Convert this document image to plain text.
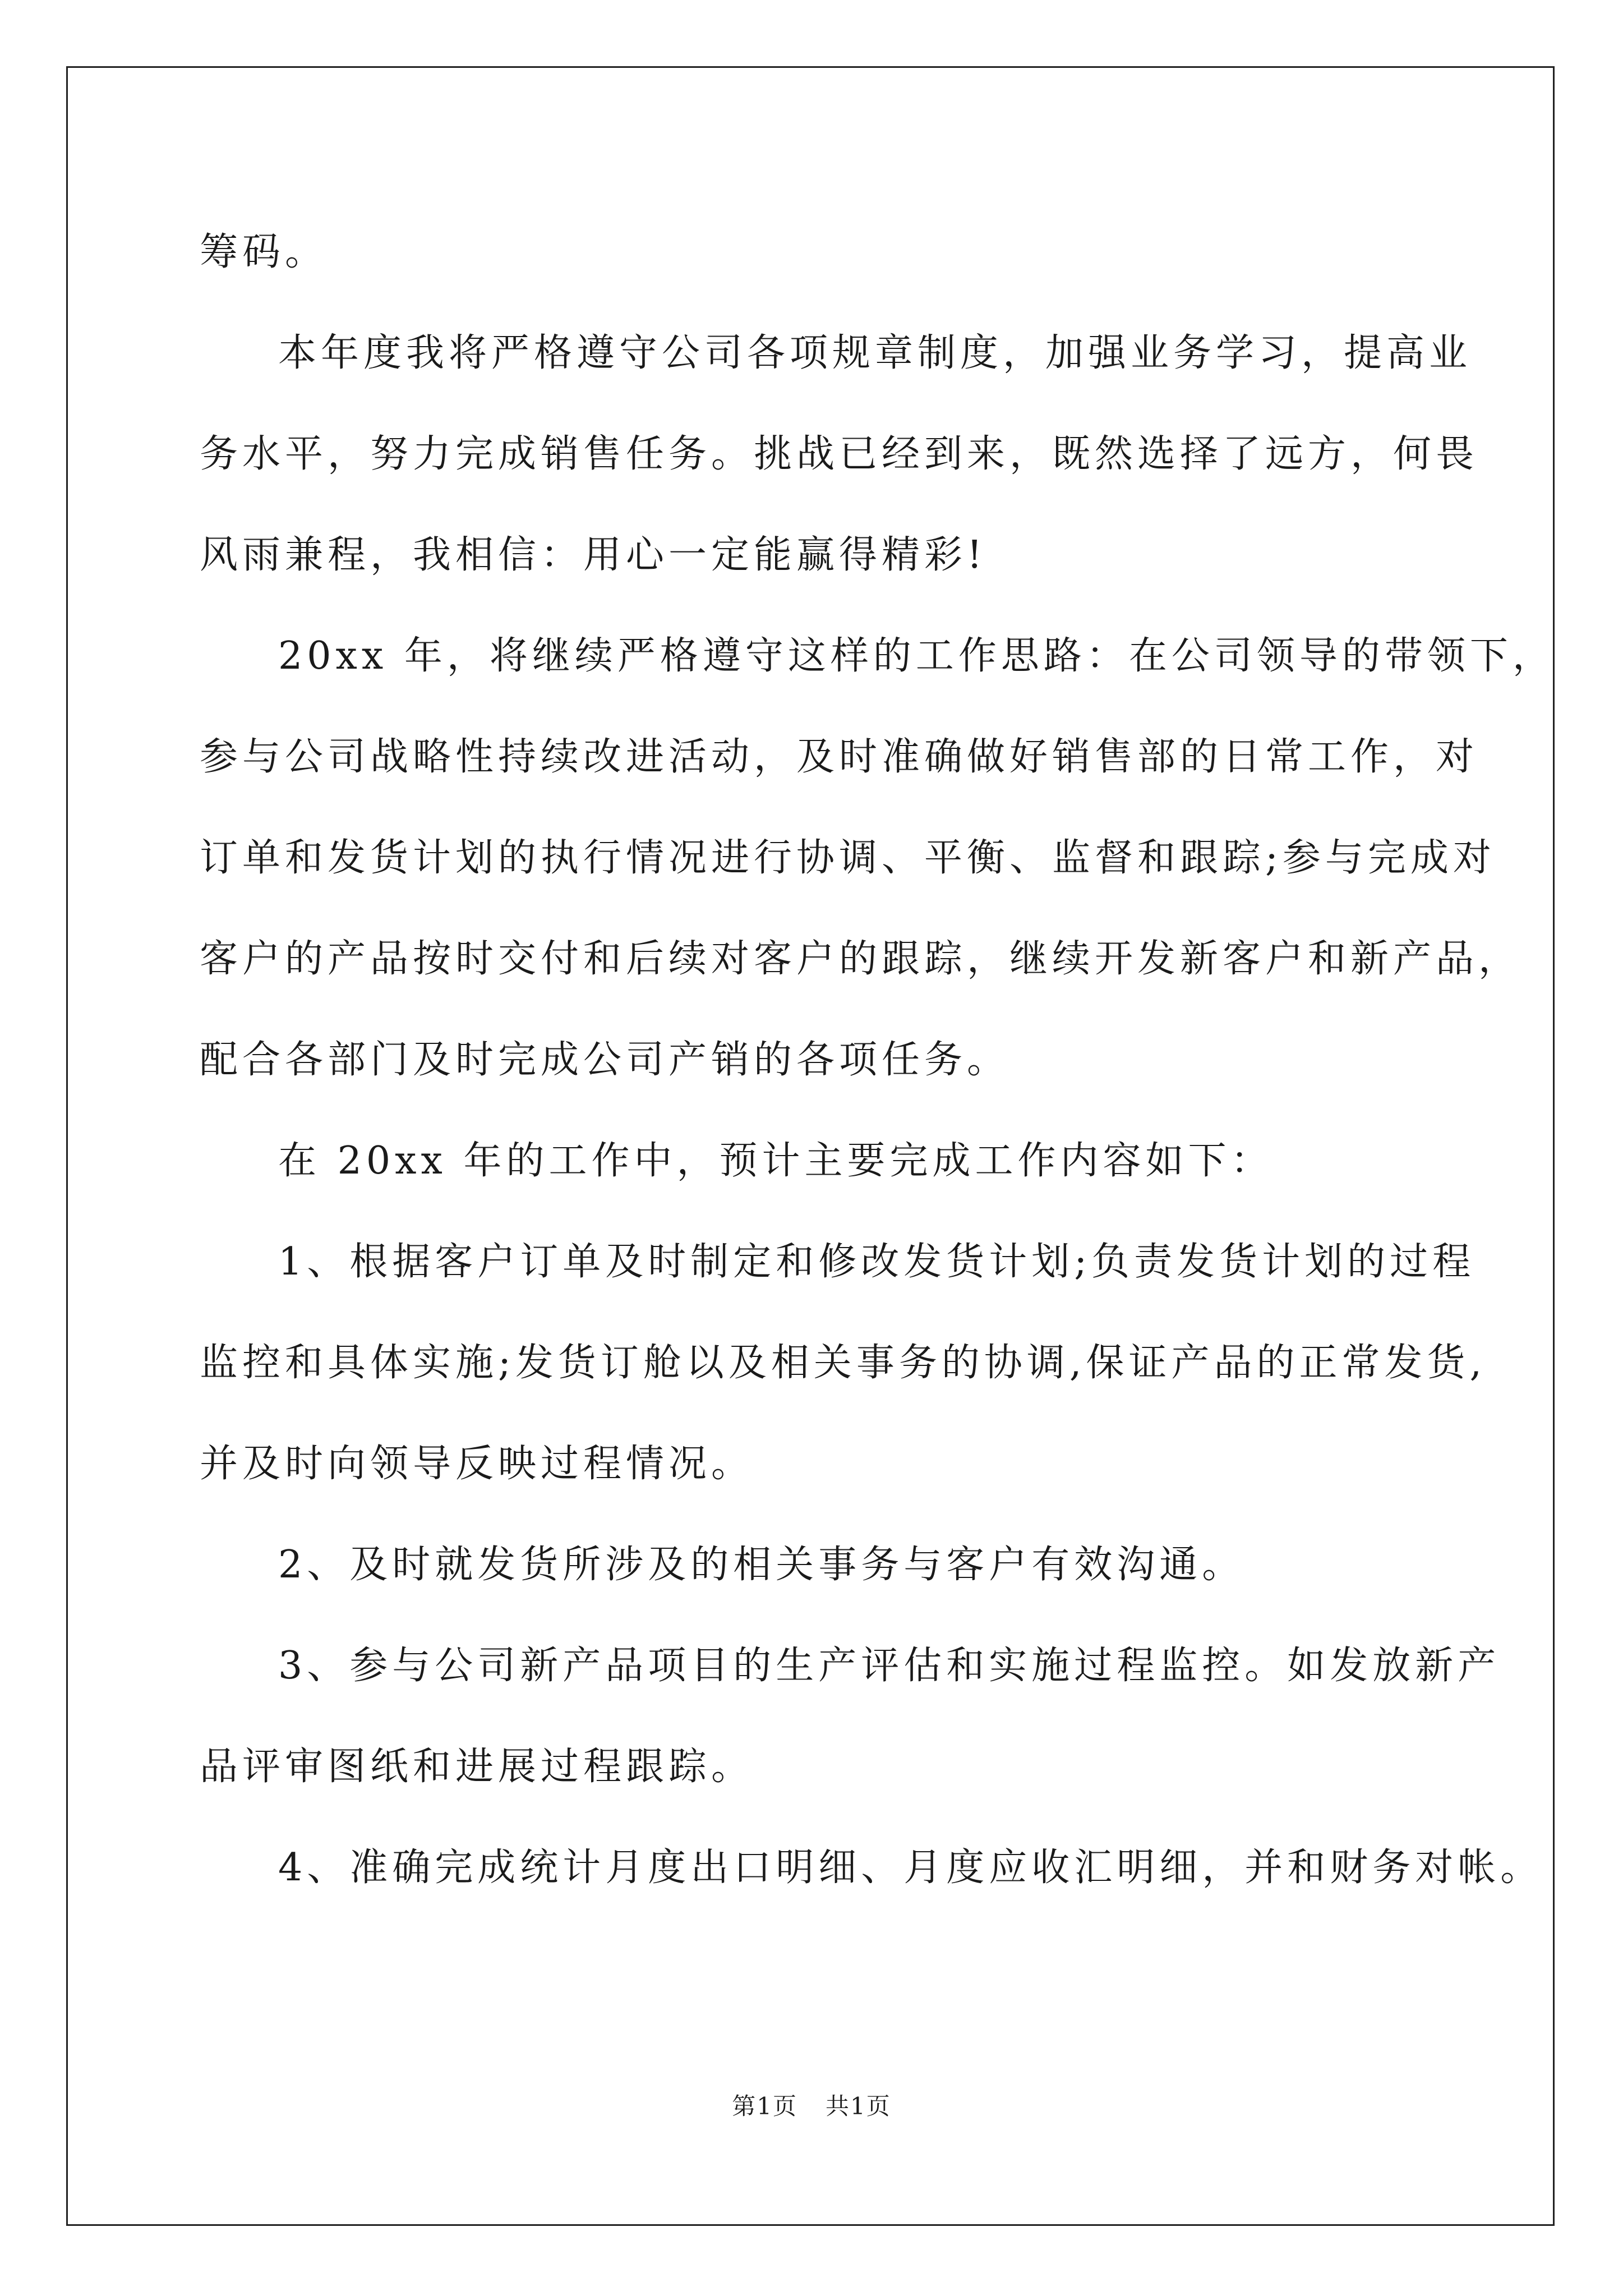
筹码。
本年度我将严格遵守公司各项规章制度，加强业务学习，提高业
务水平，努力完成销售任务。挑战已经到来，既然选择了远方，何畏
风雨兼程，我相信：用心一定能赢得精彩!
20xx 年，将继续严格遵守这样的工作思路：在公司领导的带领下，
参与公司战略性持续改进活动，及时准确做好销售部的日常工作，对
订单和发货计划的执行情况进行协调、平衡、监督和跟踪;参与完成对
客户的产品按时交付和后续对客户的跟踪，继续开发新客户和新产品，
配合各部门及时完成公司产销的各项任务。
在 20xx 年的工作中，预计主要完成工作内容如下：
1、根据客户订单及时制定和修改发货计划;负责发货计划的过程
监控和具体实施;发货订舱以及相关事务的协调,保证产品的正常发货,
并及时向领导反映过程情况。
2、及时就发货所涉及的相关事务与客户有效沟通。
3、参与公司新产品项目的生产评估和实施过程监控。如发放新产
品评审图纸和进展过程跟踪。
4、准确完成统计月度出口明细、月度应收汇明细，并和财务对帐。
第1页 共1页
